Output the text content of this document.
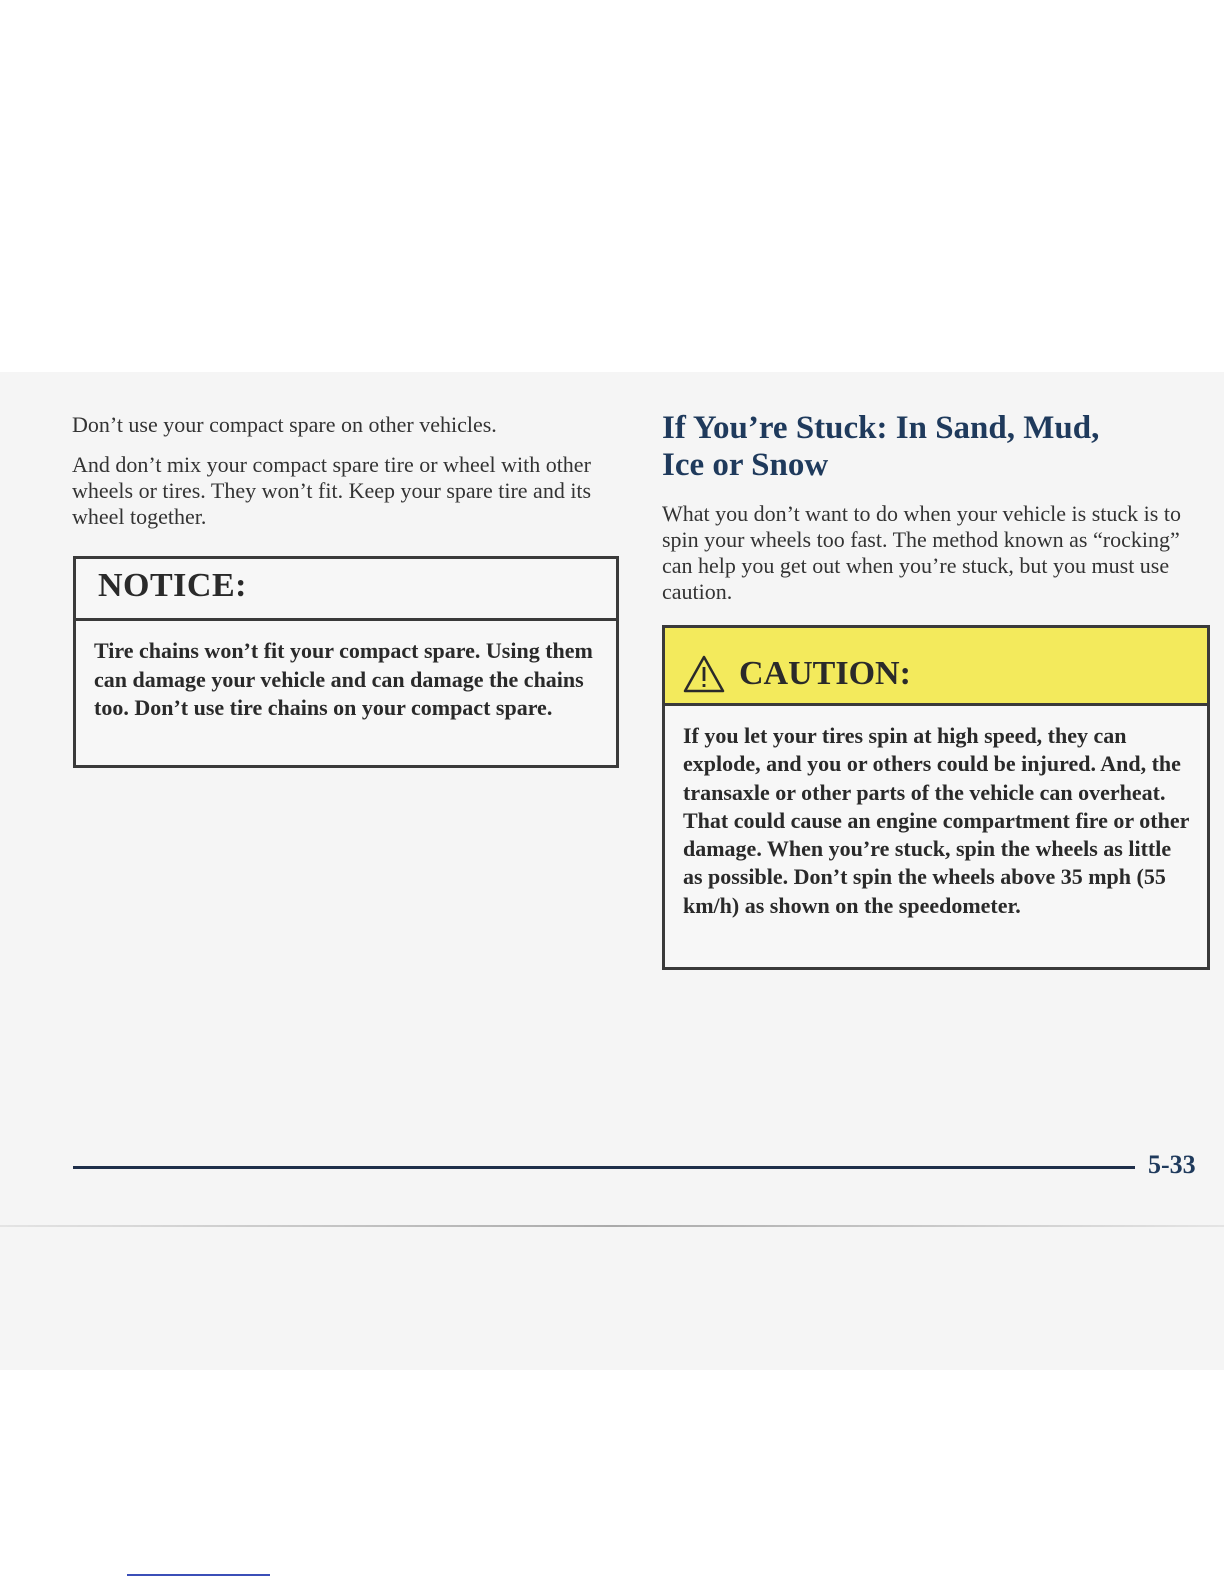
Don’t use your compact spare on other vehicles.

And don’t mix your compact spare tire or wheel with other wheels or tires. They won’t fit. Keep your spare tire and its wheel together.

NOTICE:
Tire chains won’t fit your compact spare. Using them can damage your vehicle and can damage the chains too. Don’t use tire chains on your compact spare.
If You’re Stuck: In Sand, Mud,
Ice or Snow

What you don’t want to do when your vehicle is stuck is to spin your wheels too fast. The method known as “rocking” can help you get out when you’re stuck, but you must use caution.

CAUTION:
If you let your tires spin at high speed, they can explode, and you or others could be injured. And, the transaxle or other parts of the vehicle can overheat. That could cause an engine compartment fire or other damage. When you’re stuck, spin the wheels as little as possible. Don’t spin the wheels above 35 mph (55 km/h) as shown on the speedometer.
5-33
